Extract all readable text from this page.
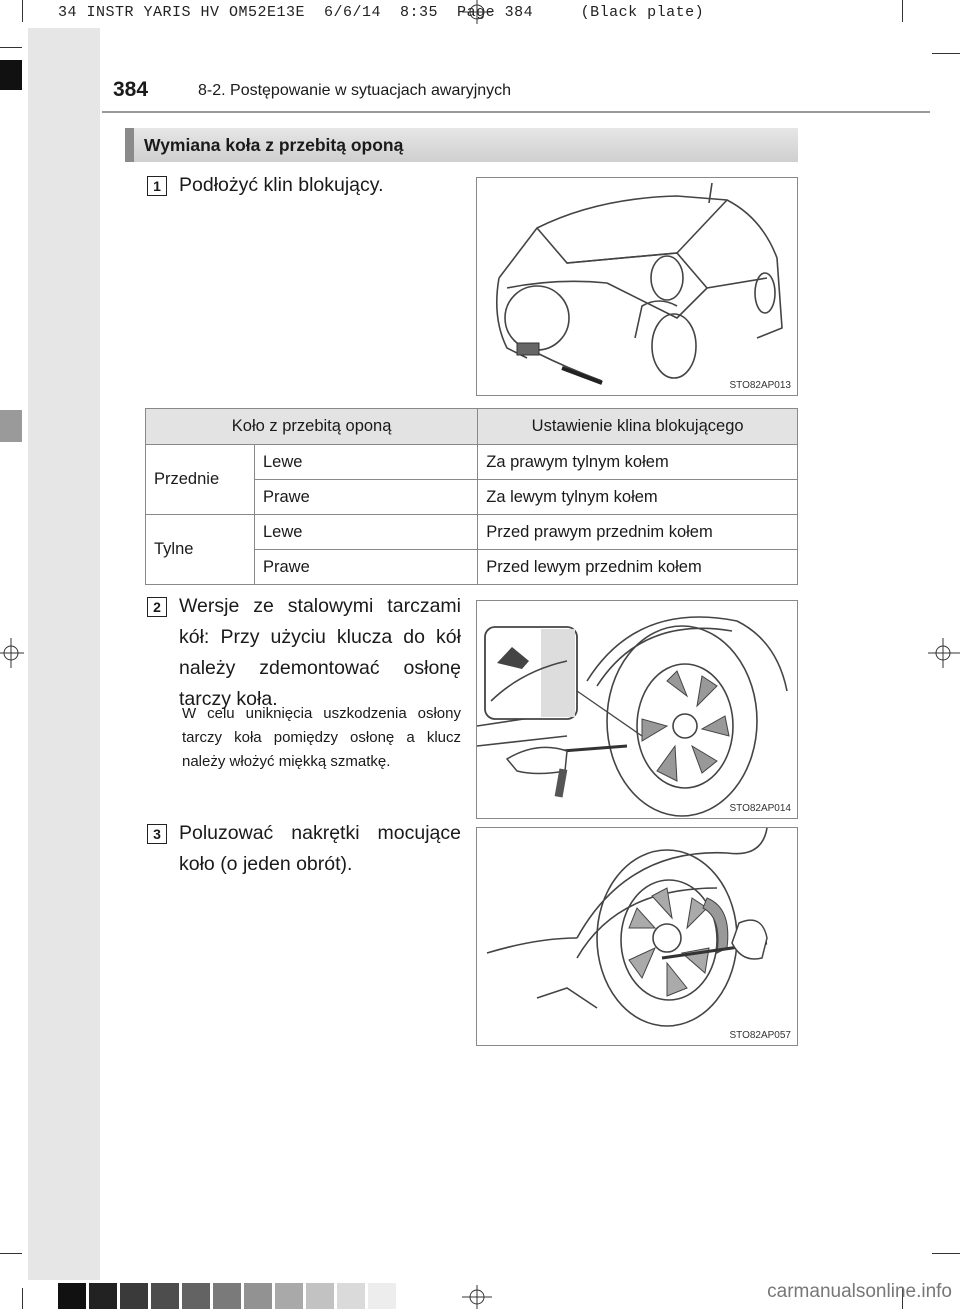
34 INSTR YARIS HV OM52E13E  6/6/14  8:35  Page 384     (Black plate)
384	8-2. Postępowanie w sytuacjach awaryjnych
Wymiana koła z przebitą oponą
1 Podłożyć klin blokujący.
STO82AP013
Koło z przebitą oponą		Ustawienie klina blokującego
Przednie	Lewe	Za prawym tylnym kołem
	Prawe	Za lewym tylnym kołem
Tylne	Lewe	Przed prawym przednim kołem
	Prawe	Przed lewym przednim kołem
2 Wersje ze stalowymi tarczami kół: Przy użyciu klucza do kół należy zdemontować osłonę tarczy koła.
W celu uniknięcia uszkodzenia osłony tarczy koła pomiędzy osłonę a klucz należy włożyć miękką szmatkę.
STO82AP014
3 Poluzować nakrętki mocujące koło (o jeden obrót).
STO82AP057
carmanualsonline.info
